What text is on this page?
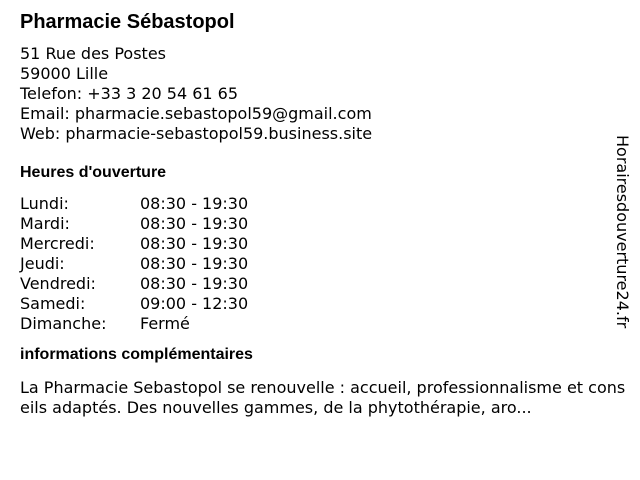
Pharmacie Sébastopol
51 Rue des Postes
59000 Lille
Telefon: +33 3 20 54 61 65
Email: pharmacie.sebastopol59@gmail.com
Web: pharmacie-sebastopol59.business.site
Heures d'ouverture
Lundi:	08:30 - 19:30
Mardi:	08:30 - 19:30
Mercredi:	08:30 - 19:30
Jeudi:	08:30 - 19:30
Vendredi:	08:30 - 19:30
Samedi:	09:00 - 12:30
Dimanche:	Fermé
informations complémentaires
La Pharmacie Sebastopol se renouvelle : accueil, professionnalisme et conseils adaptés. Des nouvelles gammes, de la phytothérapie, aro...
Horairesdouverture24.fr
